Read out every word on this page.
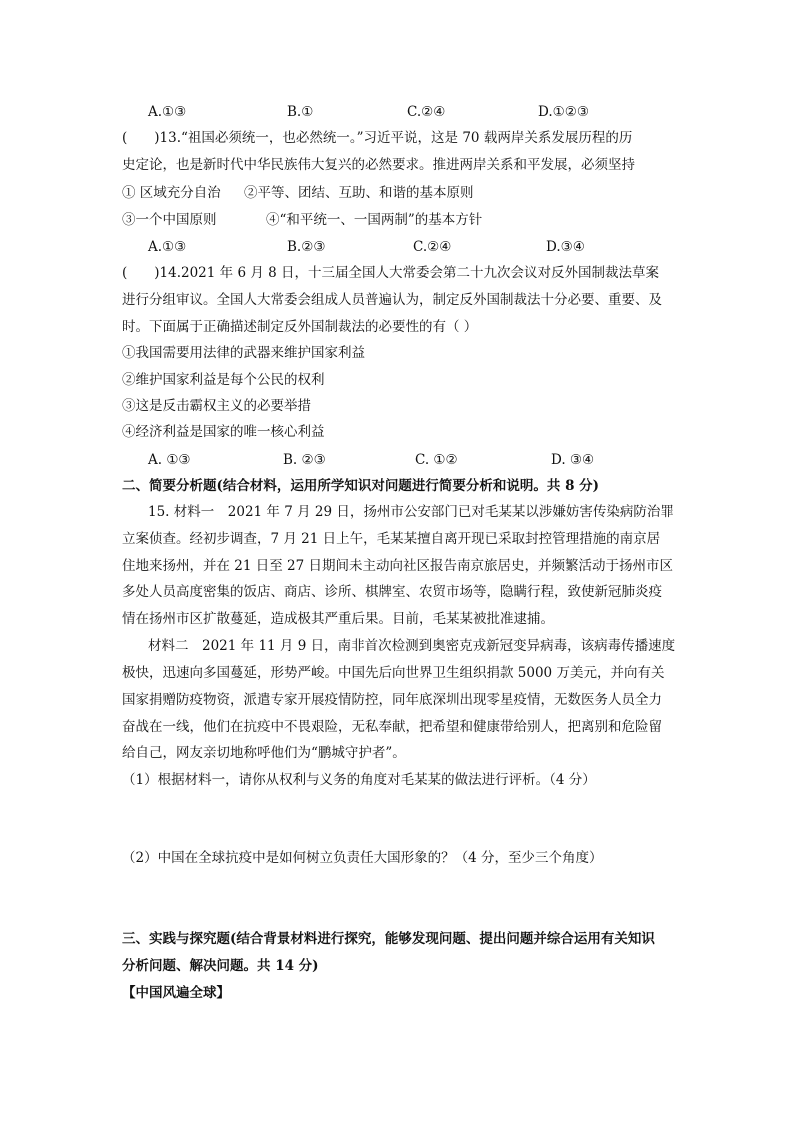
A.①③	B.①	C.②④	D.①②③
(　　)13.“祖国必须统一，也必然统一。”习近平说，这是 70 载两岸关系发展历程的历
史定论，也是新时代中华民族伟大复兴的必然要求。推进两岸关系和平发展，必须坚持
① 区域充分自治 ②平等、团结、互助、和谐的基本原则
③一个中国原则	④“和平统一、一国两制”的基本方针
A.①③	B.②③	C.②④	D.③④
(　　)14.2021 年 6 月 8 日，十三届全国人大常委会第二十九次会议对反外国制裁法草案
进行分组审议。全国人大常委会组成人员普遍认为，制定反外国制裁法十分必要、重要、及
时。下面属于正确描述制定反外国制裁法的必要性的有（ ）
①我国需要用法律的武器来维护国家利益
②维护国家利益是每个公民的权利
③这是反击霸权主义的必要举措
④经济利益是国家的唯一核心利益
A. ①③	B. ②③	C. ①②	D. ③④
二、简要分析题(结合材料，运用所学知识对问题进行简要分析和说明。共 8 分)
15. 材料一　2021 年 7 月 29 日，扬州市公安部门已对毛某某以涉嫌妨害传染病防治罪
立案侦查。经初步调查，7 月 21 日上午，毛某某擅自离开现已采取封控管理措施的南京居
住地来扬州，并在 21 日至 27 日期间未主动向社区报告南京旅居史，并频繁活动于扬州市区
多处人员高度密集的饭店、商店、诊所、棋牌室、农贸市场等，隐瞒行程，致使新冠肺炎疫
情在扬州市区扩散蔓延，造成极其严重后果。目前，毛某某被批准逮捕。
材料二　2021 年 11 月 9 日，南非首次检测到奥密克戎新冠变异病毒，该病毒传播速度
极快，迅速向多国蔓延，形势严峻。中国先后向世界卫生组织捐款 5000 万美元，并向有关
国家捐赠防疫物资，派遣专家开展疫情防控，同年底深圳出现零星疫情，无数医务人员全力
奋战在一线，他们在抗疫中不畏艰险，无私奉献，把希望和健康带给别人，把离别和危险留
给自己，网友亲切地称呼他们为“鹏城守护者”。
（1）根据材料一，请你从权利与义务的角度对毛某某的做法进行评析。（4 分）
（2）中国在全球抗疫中是如何树立负责任大国形象的？（4 分，至少三个角度）
三、实践与探究题(结合背景材料进行探究，能够发现问题、提出问题并综合运用有关知识
分析问题、解决问题。共 14 分)
【中国风遍全球】
